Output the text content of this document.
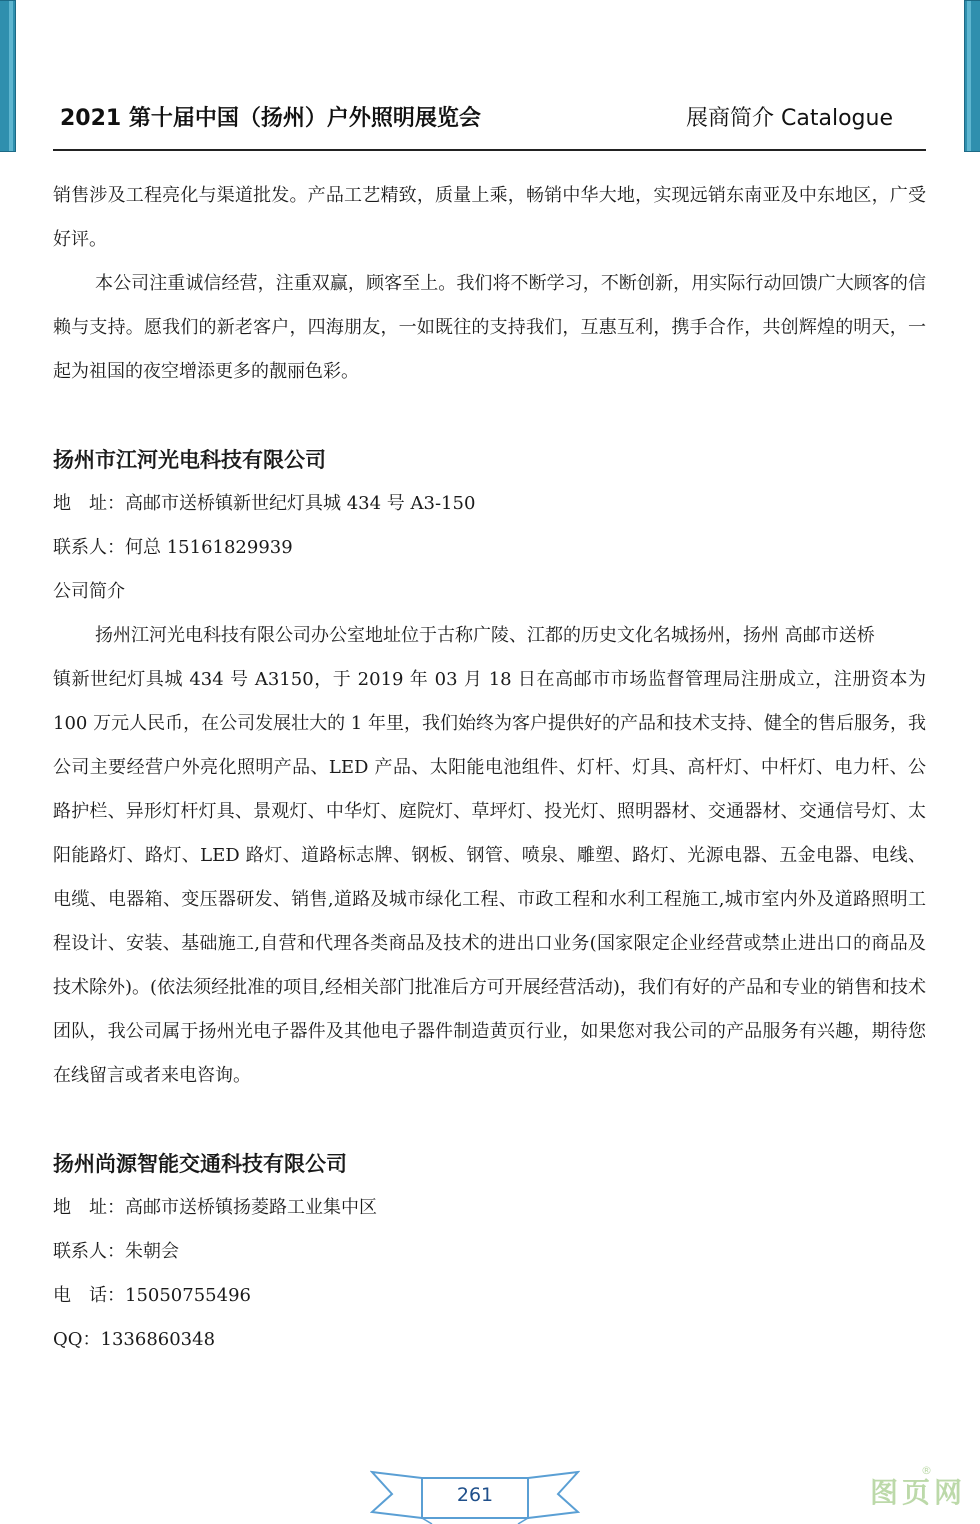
2021 第十届中国（扬州）户外照明展览会	展商简介 Catalogue

销售涉及工程亮化与渠道批发。产品工艺精致，质量上乘，畅销中华大地，实现远销东南亚及中东地区，广受好评。

本公司注重诚信经营，注重双赢，顾客至上。我们将不断学习，不断创新，用实际行动回馈广大顾客的信赖与支持。愿我们的新老客户，四海朋友，一如既往的支持我们，互惠互利，携手合作，共创辉煌的明天，一起为祖国的夜空增添更多的靓丽色彩。

扬州市江河光电科技有限公司

地　址：高邮市送桥镇新世纪灯具城 434 号 A3-150

联系人：何总 15161829939

公司简介

扬州江河光电科技有限公司办公室地址位于古称广陵、江都的历史文化名城扬州，扬州 高邮市送桥

镇新世纪灯具城 434 号 A3150，于 2019 年 03 月 18 日在高邮市市场监督管理局注册成立，注册资本为 100 万元人民币，在公司发展壮大的 1 年里，我们始终为客户提供好的产品和技术支持、健全的售后服务，我公司主要经营户外亮化照明产品、LED 产品、太阳能电池组件、灯杆、灯具、高杆灯、中杆灯、电力杆、公路护栏、异形灯杆灯具、景观灯、中华灯、庭院灯、草坪灯、投光灯、照明器材、交通器材、交通信号灯、太阳能路灯、路灯、LED 路灯、道路标志牌、钢板、钢管、喷泉、雕塑、路灯、光源电器、五金电器、电线、电缆、电器箱、变压器研发、销售,道路及城市绿化工程、市政工程和水利工程施工,城市室内外及道路照明工程设计、安装、基础施工,自营和代理各类商品及技术的进出口业务(国家限定企业经营或禁止进出口的商品及技术除外)。(依法须经批准的项目,经相关部门批准后方可开展经营活动)，我们有好的产品和专业的销售和技术团队，我公司属于扬州光电子器件及其他电子器件制造黄页行业，如果您对我公司的产品服务有兴趣，期待您在线留言或者来电咨询。

扬州尚源智能交通科技有限公司

地　址：高邮市送桥镇扬菱路工业集中区

联系人：朱朝会

电　话：15050755496

QQ：1336860348

261	图页网
®
